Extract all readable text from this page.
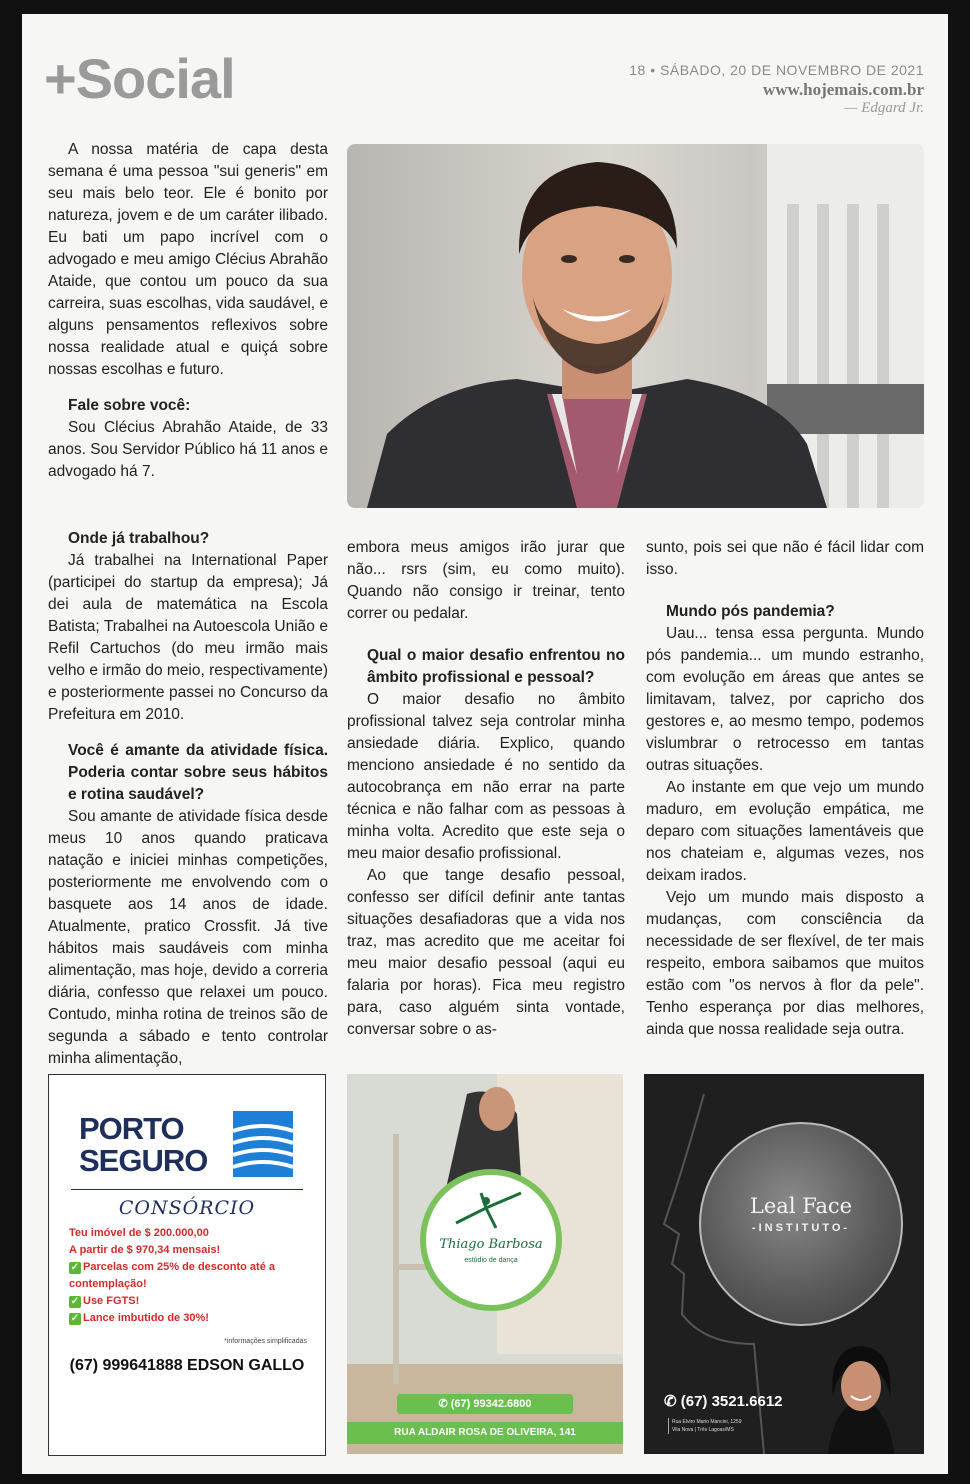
+Social	18 • SÁBADO, 20 DE NOVEMBRO DE 2021
www.hojemais.com.br
— Edgard Jr.

A nossa matéria de capa desta semana é uma pessoa "sui generis" em seu mais belo teor. Ele é bonito por natureza, jovem e de um caráter ilibado. Eu bati um papo incrível com o advogado e meu amigo Clécius Abrahão Ataide, que contou um pouco da sua carreira, suas escolhas, vida saudável, e alguns pensamentos reflexivos sobre nossa realidade atual e quiçá sobre nossas escolhas e futuro.

Fale sobre você:

Sou Clécius Abrahão Ataide, de 33 anos. Sou Servidor Público há 11 anos e advogado há 7.

Onde já trabalhou?

Já trabalhei na International Paper (participei do startup da empresa); Já dei aula de matemática na Escola Batista; Trabalhei na Autoescola União e Refil Cartuchos (do meu irmão mais velho e irmão do meio, respectivamente) e posteriormente passei no Concurso da Prefeitura em 2010.

Você é amante da atividade física. Poderia contar sobre seus hábitos e rotina saudável?

Sou amante de atividade física desde meus 10 anos quando praticava natação e iniciei minhas competições, posteriormente me envolvendo com o basquete aos 14 anos de idade. Atualmente, pratico Crossfit. Já tive hábitos mais saudáveis com minha alimentação, mas hoje, devido a correria diária, confesso que relaxei um pouco. Contudo, minha rotina de treinos são de segunda a sábado e tento controlar minha alimentação,

embora meus amigos irão jurar que não... rsrs (sim, eu como muito). Quando não consigo ir treinar, tento correr ou pedalar.

Qual o maior desafio enfrentou no âmbito profissional e pessoal?

O maior desafio no âmbito profissional talvez seja controlar minha ansiedade diária. Explico, quando menciono ansiedade é no sentido da autocobrança em não errar na parte técnica e não falhar com as pessoas à minha volta. Acredito que este seja o meu maior desafio profissional.

Ao que tange desafio pessoal, confesso ser difícil definir ante tantas situações desafiadoras que a vida nos traz, mas acredito que me aceitar foi meu maior desafio pessoal (aqui eu falaria por horas). Fica meu registro para, caso alguém sinta vontade, conversar sobre o as-

sunto, pois sei que não é fácil lidar com isso.

Mundo pós pandemia?

Uau... tensa essa pergunta. Mundo pós pandemia... um mundo estranho, com evolução em áreas que antes se limitavam, talvez, por capricho dos gestores e, ao mesmo tempo, podemos vislumbrar o retrocesso em tantas outras situações.

Ao instante em que vejo um mundo maduro, em evolução empática, me deparo com situações lamentáveis que nos chateiam e, algumas vezes, nos deixam irados.

Vejo um mundo mais disposto a mudanças, com consciência da necessidade de ser flexível, de ter mais respeito, embora saibamos que muitos estão com "os nervos à flor da pele". Tenho esperança por dias melhores, ainda que nossa realidade seja outra.

PORTO
SEGURO
CONSÓRCIO
Teu imóvel de $ 200.000,00
A partir de $ 970,34 mensais!
✓ Parcelas com 25% de desconto até a contemplação!
✓ Use FGTS!
✓ Lance imbutido de 30%!
*informações simplificadas
(67) 999641888 EDSON GALLO
Thiago Barbosa
estúdio de dança
✆ (67) 99342.6800
RUA ALDAIR ROSA DE OLIVEIRA, 141
Leal Face
-INSTITUTO-
✆ (67) 3521.6612
Rua Elviro Mario Mancini, 1259
Vila Nova | Três Lagoas/MS
